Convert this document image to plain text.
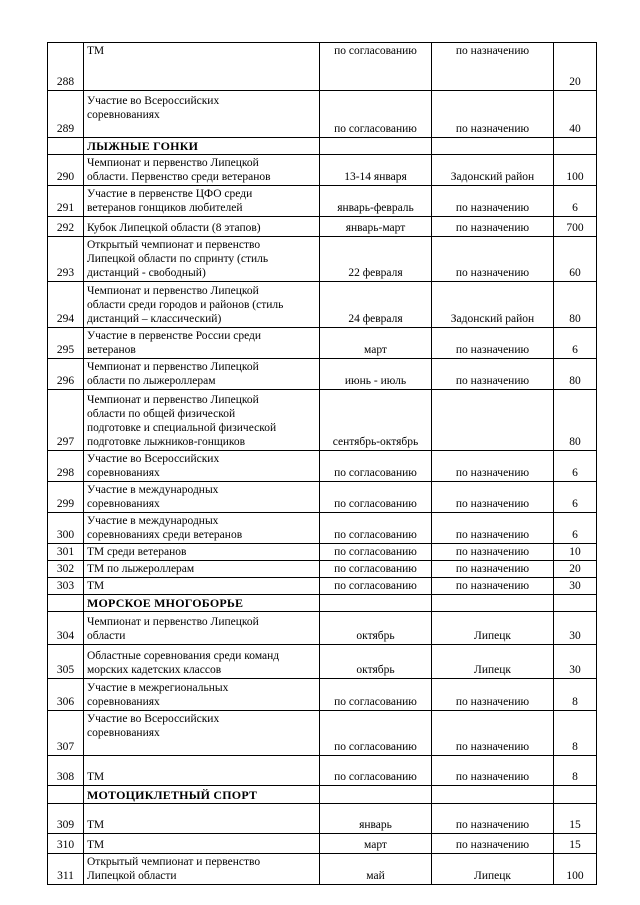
288	ТМ	по согласованию	по назначению	20
289	Участие во Всероссийских
соревнованиях	по согласованию	по назначению	40
	ЛЫЖНЫЕ ГОНКИ			
290	Чемпионат и первенство Липецкой
области. Первенство среди ветеранов	13-14 января	Задонский район	100
291	Участие в первенстве ЦФО среди
ветеранов гонщиков любителей	январь-февраль	по назначению	6
292	Кубок Липецкой области (8 этапов)	январь-март	по назначению	700
293	Открытый чемпионат и первенство
Липецкой области по спринту (стиль
дистанций - свободный)	22 февраля	по назначению	60
294	Чемпионат и первенство Липецкой
области среди городов и районов (стиль
дистанций – классический)	24 февраля	Задонский район	80
295	Участие в первенстве России среди
ветеранов	март	по назначению	6
296	Чемпионат и первенство Липецкой
области по лыжероллерам	июнь - июль	по назначению	80
297	Чемпионат и первенство Липецкой
области по общей физической
подготовке и специальной физической
подготовке лыжников-гонщиков	сентябрь-октябрь		80
298	Участие во Всероссийских
соревнованиях	по согласованию	по назначению	6
299	Участие в международных
соревнованиях	по согласованию	по назначению	6
300	Участие в международных
соревнованиях среди ветеранов	по согласованию	по назначению	6
301	ТМ среди ветеранов	по согласованию	по назначению	10
302	ТМ по лыжероллерам	по согласованию	по назначению	20
303	ТМ	по согласованию	по назначению	30
	МОРСКОЕ МНОГОБОРЬЕ			
304	Чемпионат и первенство Липецкой
области	октябрь	Липецк	30
305	Областные соревнования среди команд
морских кадетских классов	октябрь	Липецк	30
306	Участие в межрегиональных
соревнованиях	по согласованию	по назначению	8
307	Участие во Всероссийских
соревнованиях	по согласованию	по назначению	8
308	ТМ	по согласованию	по назначению	8
	МОТОЦИКЛЕТНЫЙ СПОРТ			
309	ТМ	январь	по назначению	15
310	ТМ	март	по назначению	15
311	Открытый чемпионат и первенство
Липецкой области	май	Липецк	100
